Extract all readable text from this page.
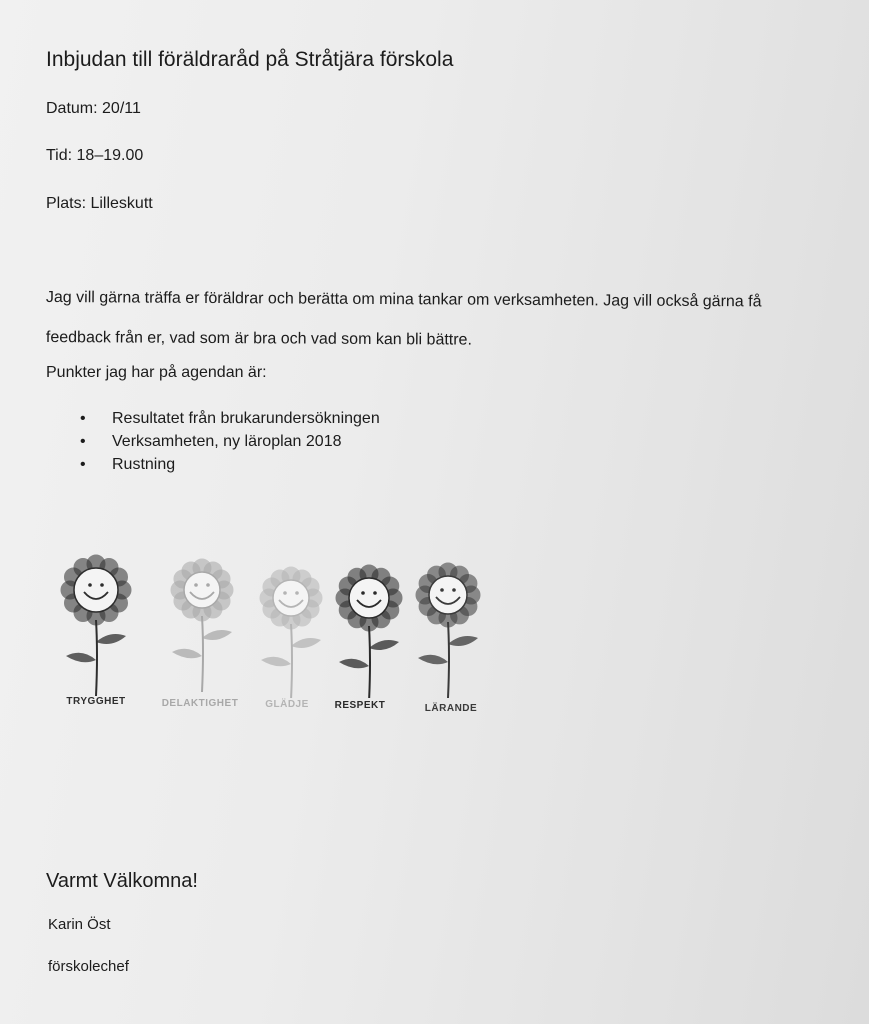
Inbjudan till föräldraråd på Stråtjära förskola
Datum: 20/11
Tid: 18–19.00
Plats: Lilleskutt
Jag vill gärna träffa er föräldrar och berätta om mina tankar om verksamheten. Jag vill också gärna få
feedback från er, vad som är bra och vad som kan bli bättre.
Punkter jag har på agendan är:
• Resultatet från brukarundersökningen
• Verksamheten, ny läroplan 2018
• Rustning
TRYGGHET	DELAKTIGHET	GLÄDJE	RESPEKT	LÄRANDE
Varmt Välkomna!
Karin Öst
förskolechef
